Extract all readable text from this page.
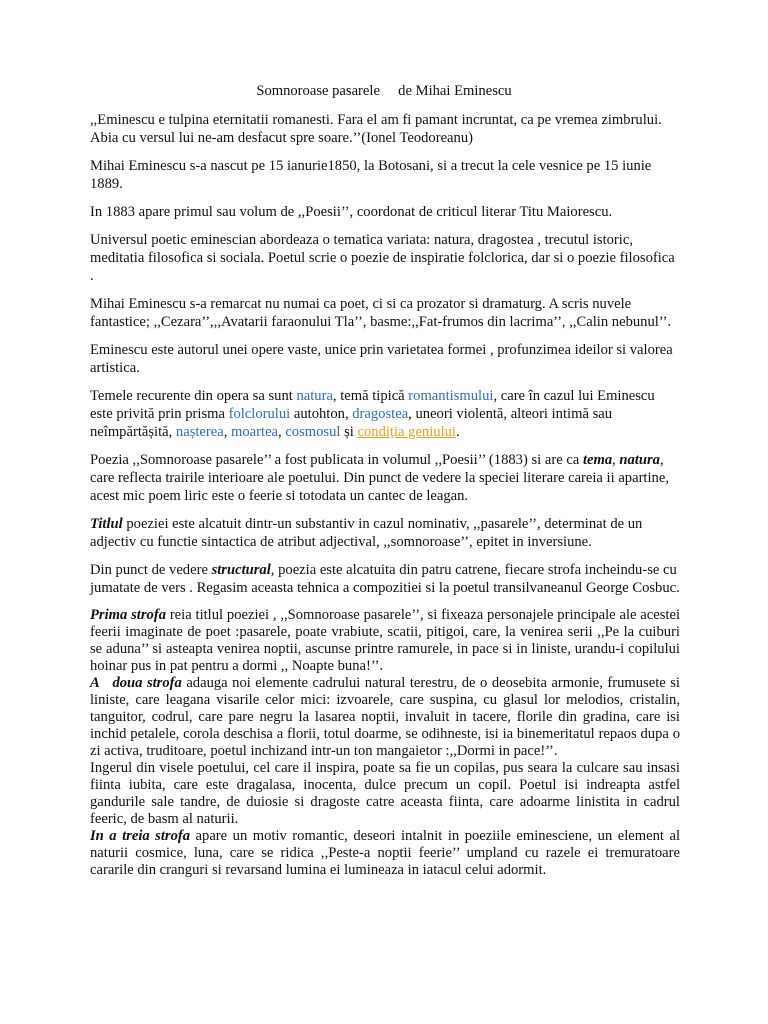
Somnoroase pasarele     de Mihai Eminescu

,,Eminescu e tulpina eternitatii romanesti. Fara el am fi pamant incruntat, ca pe vremea zimbrului. Abia cu versul lui ne-am desfacut spre soare.’’(Ionel Teodoreanu)

Mihai Eminescu s-a nascut pe 15 ianurie1850, la Botosani, si a trecut la cele vesnice pe 15 iunie 1889.

In 1883 apare primul sau volum de ,,Poesii’’, coordonat de criticul literar Titu Maiorescu.

Universul poetic eminescian abordeaza o tematica variata: natura, dragostea , trecutul istoric, meditatia filosofica si sociala. Poetul scrie o poezie de inspiratie folclorica, dar si o poezie filosofica .

Mihai Eminescu s-a remarcat nu numai ca poet, ci si ca prozator si dramaturg. A scris nuvele fantastice; ,,Cezara’’,,,Avatarii faraonului Tla’’, basme:,,Fat-frumos din lacrima’’, ,,Calin nebunul’’.

Eminescu este autorul unei opere vaste, unice prin varietatea formei , profunzimea ideilor si valorea artistica.

Temele recurente din opera sa sunt natura, temă tipică romantismului, care în cazul lui Eminescu este privită prin prisma folclorului autohton, dragostea, uneori violentă, alteori intimă sau neîmpărtășită, nașterea, moartea, cosmosul și condiția geniului.

Poezia ,,Somnoroase pasarele’’ a fost publicata in volumul ,,Poesii’’ (1883) si are ca tema, natura, care reflecta trairile interioare ale poetului. Din punct de vedere la speciei literare careia ii apartine, acest mic poem liric este o feerie si totodata un cantec de leagan.

Titlul poeziei este alcatuit dintr-un substantiv in cazul nominativ, ,,pasarele’’, determinat de un adjectiv cu functie sintactica de atribut adjectival, ,,somnoroase’’, epitet in inversiune.

Din punct de vedere structural, poezia este alcatuita din patru catrene, fiecare strofa incheindu-se cu jumatate de vers . Regasim aceasta tehnica a compozitiei si la poetul transilvaneanul George Cosbuc.

Prima strofa reia titlul poeziei , ,,Somnoroase pasarele’’, si fixeaza personajele principale ale acestei feerii imaginate de poet :pasarele, poate vrabiute, scatii, pitigoi, care, la venirea serii ,,Pe la cuiburi se aduna’’ si asteapta venirea noptii, ascunse printre ramurele, in pace si in liniste, urandu-i copilului hoinar pus in pat pentru a dormi ,, Noapte buna!’’.

A   doua strofa adauga noi elemente cadrului natural terestru, de o deosebita armonie, frumusete si liniste, care leagana visarile celor mici: izvoarele, care suspina, cu glasul lor melodios, cristalin, tanguitor, codrul, care pare negru la lasarea noptii, invaluit in tacere, florile din gradina, care isi inchid petalele, corola deschisa a florii, totul doarme, se odihneste, isi ia binemeritatul repaos dupa o zi activa, truditoare, poetul inchizand intr-un ton mangaietor :,,Dormi in pace!’’.

Ingerul din visele poetului, cel care il inspira, poate sa fie un copilas, pus seara la culcare sau insasi fiinta iubita, care este dragalasa, inocenta, dulce precum un copil. Poetul isi indreapta astfel gandurile sale tandre, de duiosie si dragoste catre aceasta fiinta, care adoarme linistita in cadrul feeric, de basm al naturii.

In a treia strofa apare un motiv romantic, deseori intalnit in poeziile eminesciene, un element al naturii cosmice, luna, care se ridica ,,Peste-a noptii feerie’’ umpland cu razele ei tremuratoare cararile din cranguri si revarsand lumina ei lumineaza in iatacul celui adormit.
